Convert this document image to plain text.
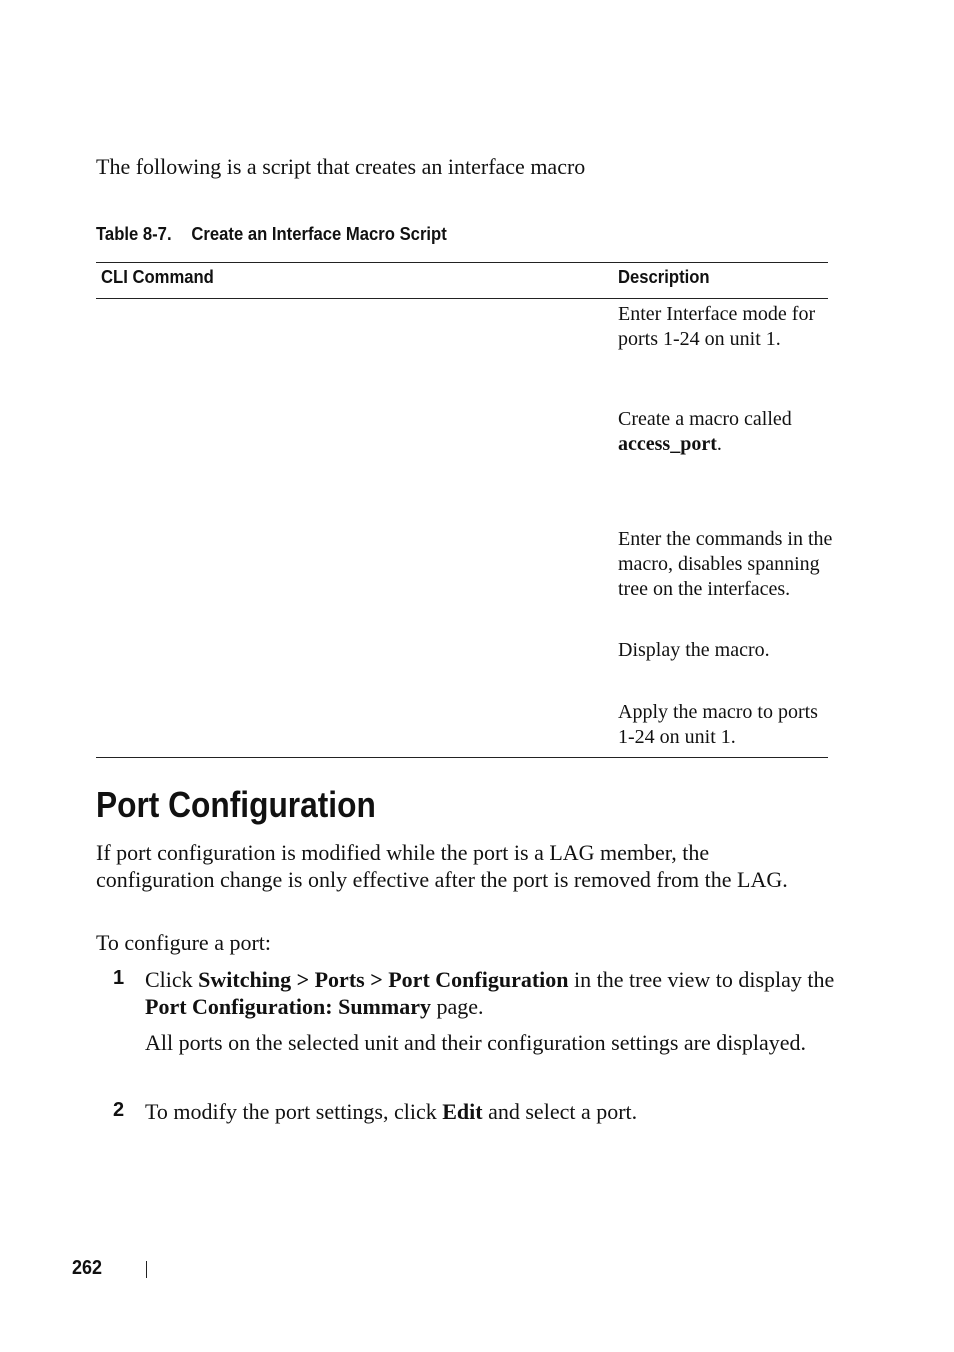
The following is a script that creates an interface macro
Table 8-7. Create an Interface Macro Script
CLI Command	Description
Enter Interface mode for ports 1-24 on unit 1.
Create a macro called access_port.
Enter the commands in the macro, disables spanning tree on the interfaces.
Display the macro.
Apply the macro to ports 1-24 on unit 1.
Port Configuration
If port configuration is modified while the port is a LAG member, the configuration change is only effective after the port is removed from the LAG.
To configure a port:
1 Click Switching > Ports > Port Configuration in the tree view to display the Port Configuration: Summary page.
All ports on the selected unit and their configuration settings are displayed.
2 To modify the port settings, click Edit and select a port.
262
